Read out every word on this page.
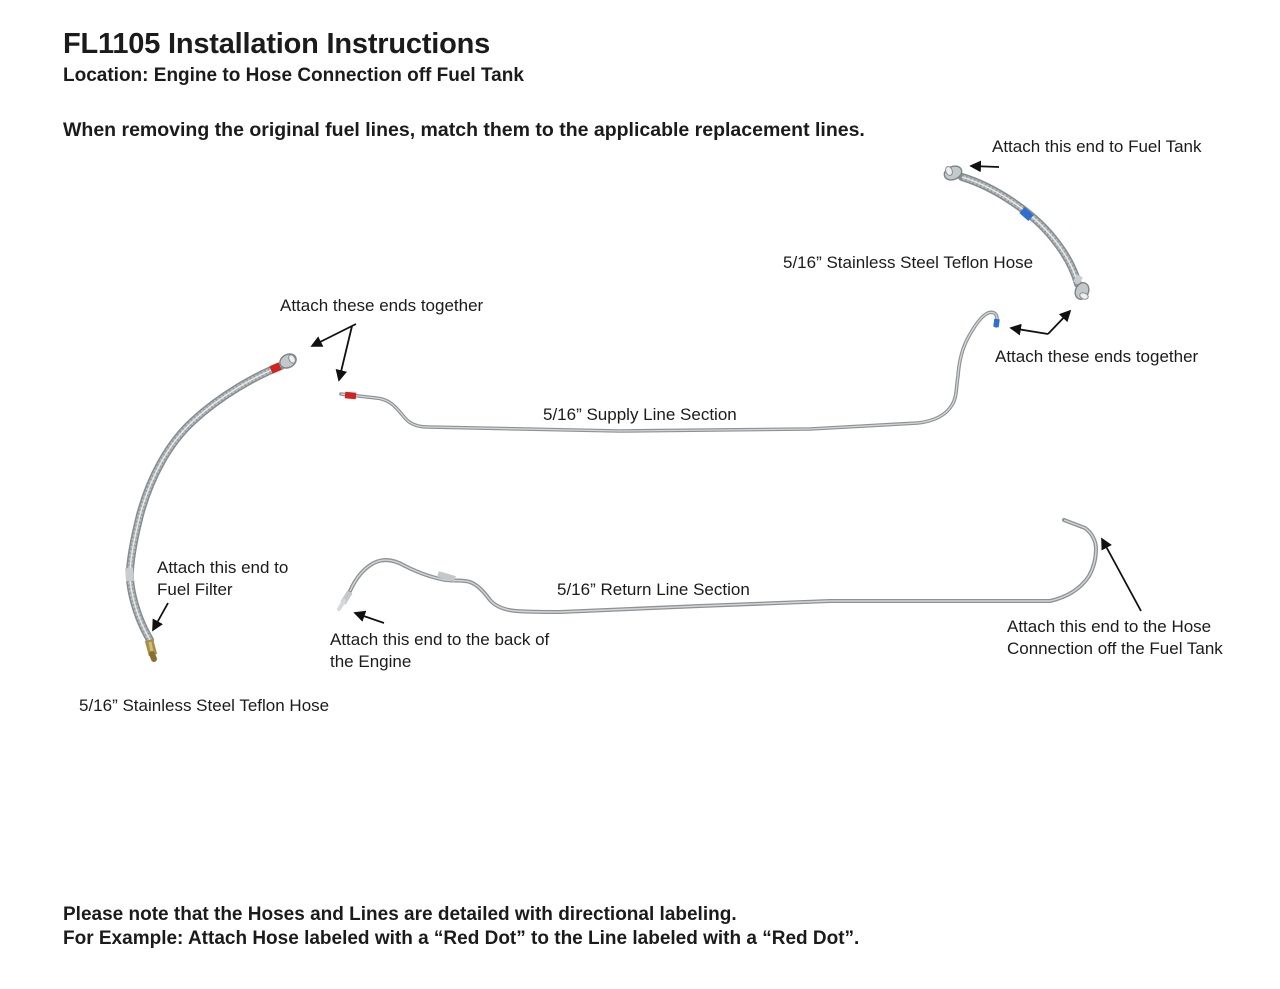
FL1105 Installation Instructions
Location: Engine to Hose Connection off Fuel Tank
When removing the original fuel lines, match them to the applicable replacement lines.
Attach this end to Fuel Tank
5/16” Stainless Steel Teflon Hose
Attach these ends together
Attach these ends together
5/16” Supply Line Section
Attach this end to
Fuel Filter	5/16” Return Line Section
Attach this end to the back of
the Engine
Attach this end to the Hose
Connection off the Fuel Tank
5/16” Stainless Steel Teflon Hose
Please note that the Hoses and Lines are detailed with directional labeling.
For Example: Attach Hose labeled with a “Red Dot” to the Line labeled with a “Red Dot”.
